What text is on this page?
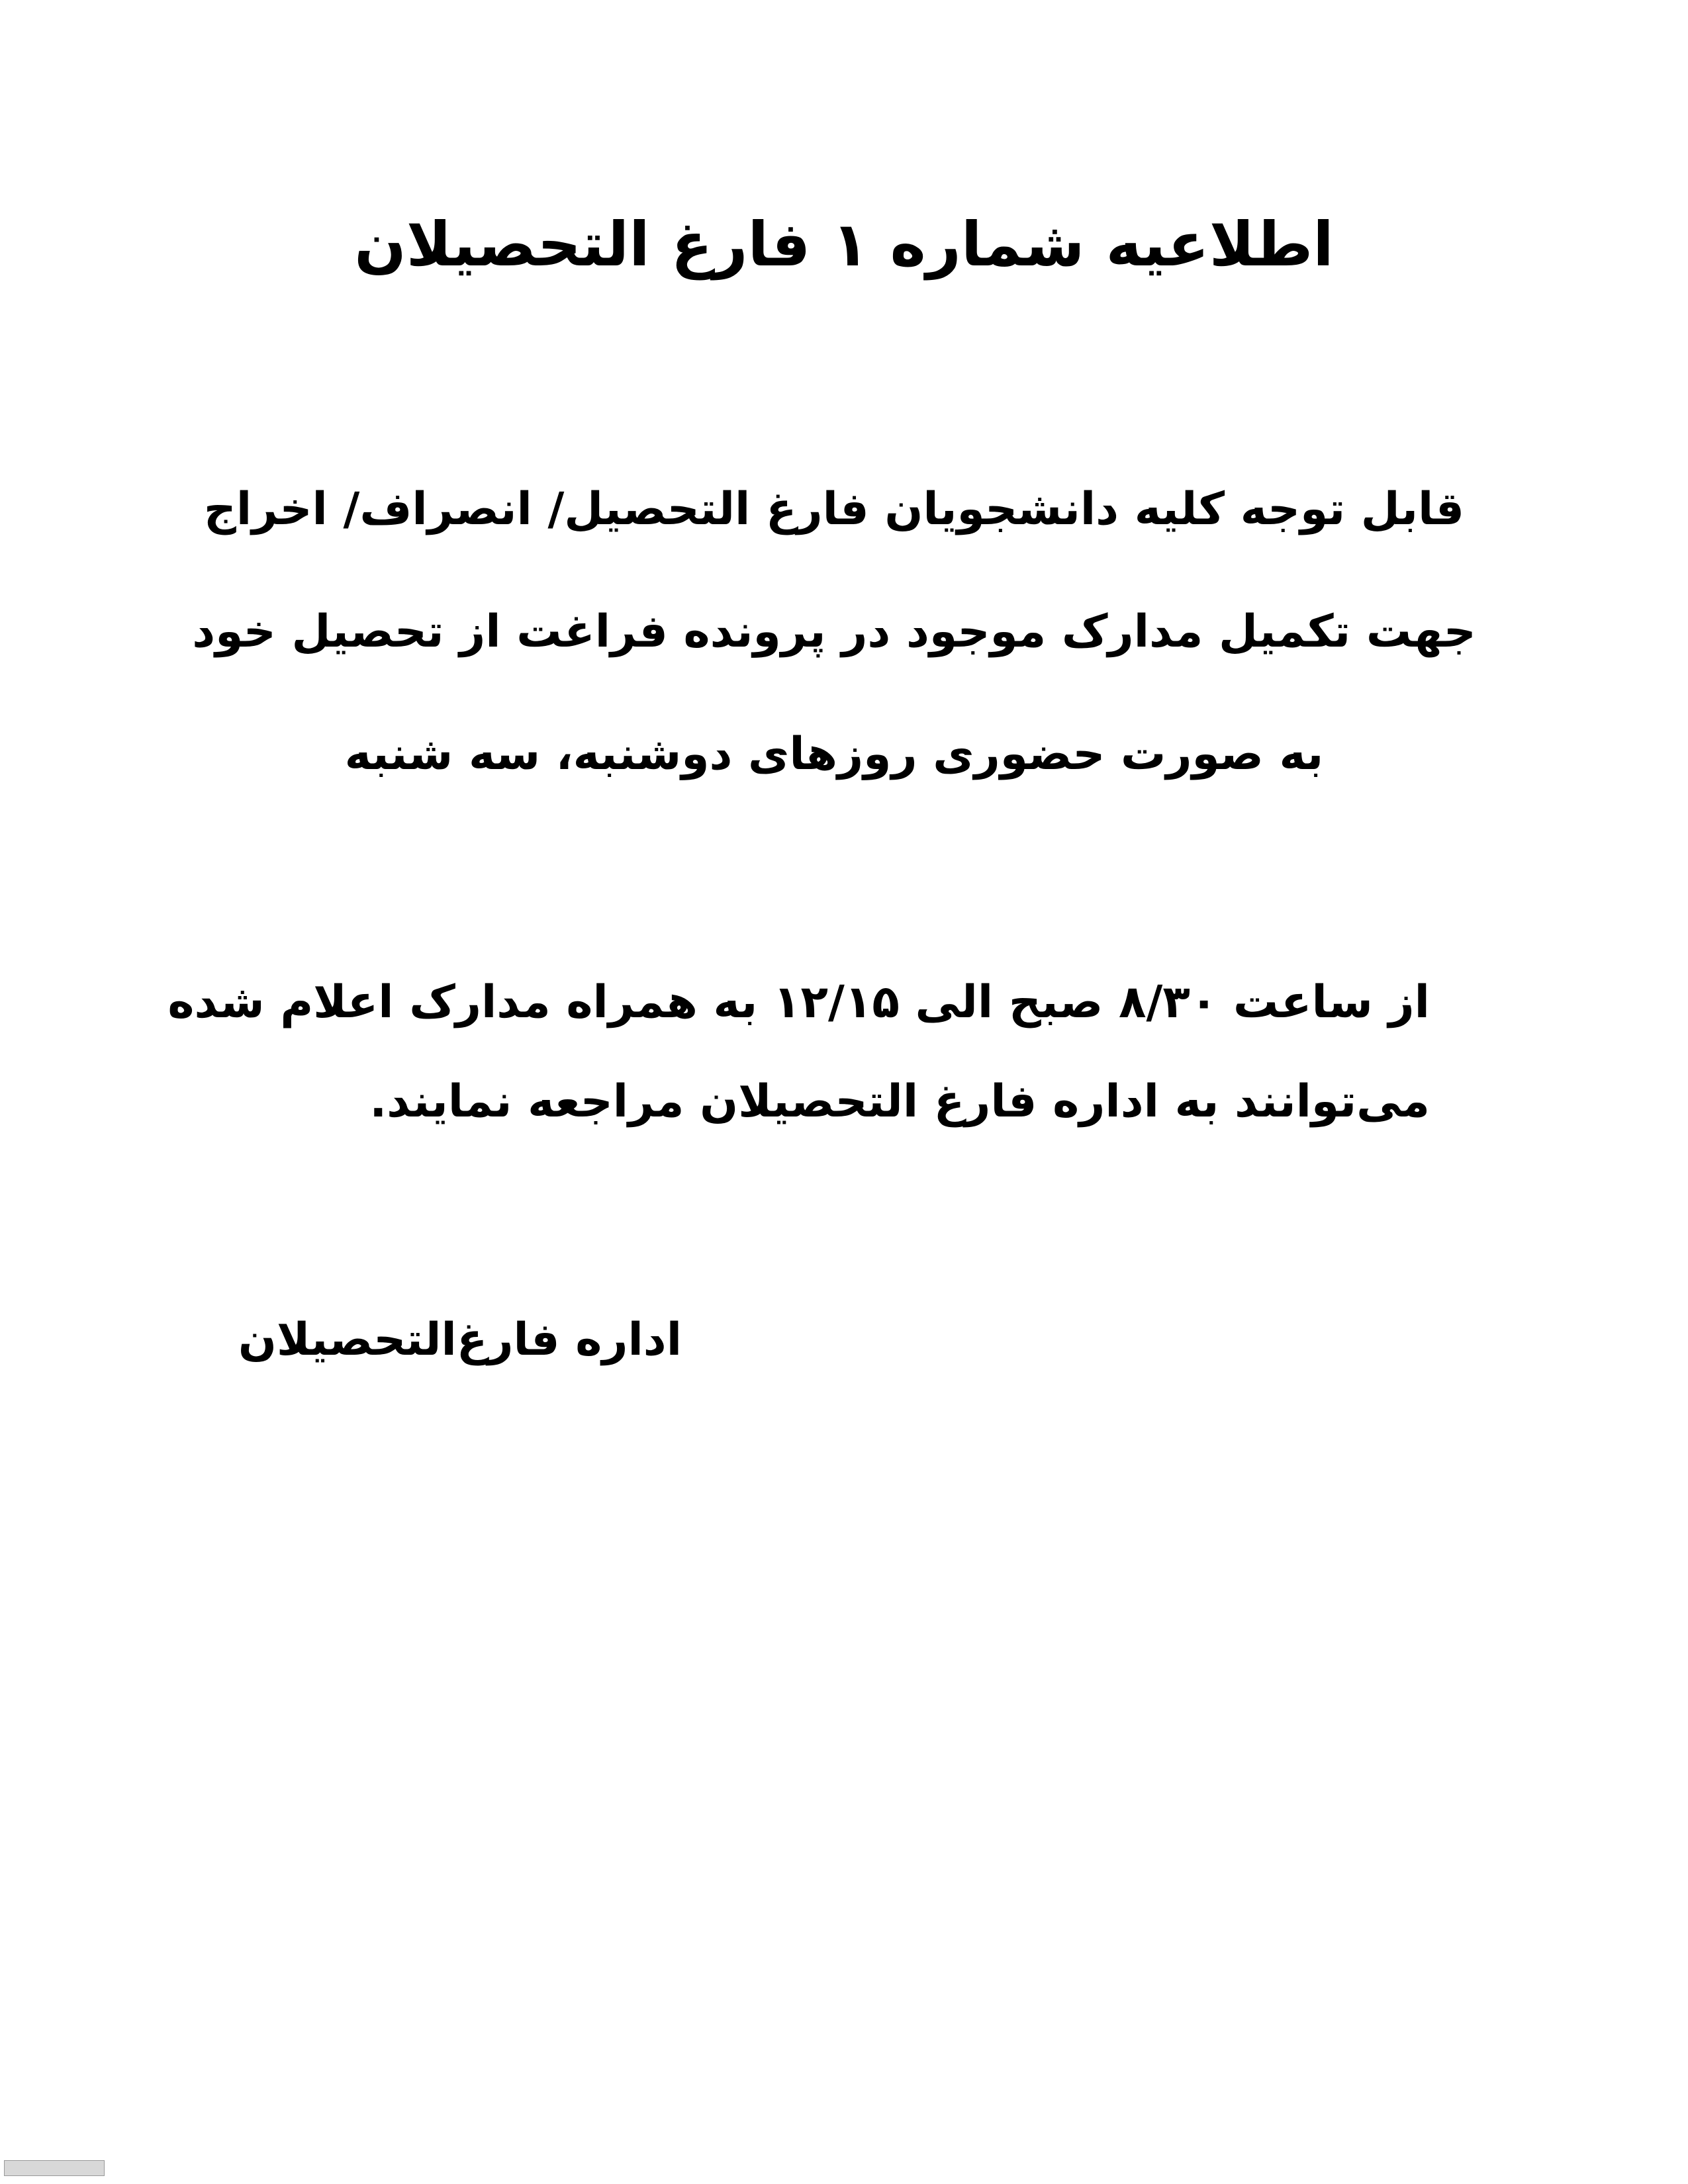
اطلاعیه شماره ۱ فارغ التحصیلان
قابل توجه کلیه دانشجویان فارغ التحصیل/ انصراف/ اخراج
جهت تکمیل مدارک موجود در پرونده فراغت از تحصیل خود
به صورت حضوری روزهای دوشنبه، سه شنبه
از ساعت ۸/۳۰ صبح الی ۱۲/۱۵ به همراه مدارک اعلام شده
می‌توانند به اداره فارغ التحصیلان مراجعه نمایند.
اداره فارغ‌التحصیلان
